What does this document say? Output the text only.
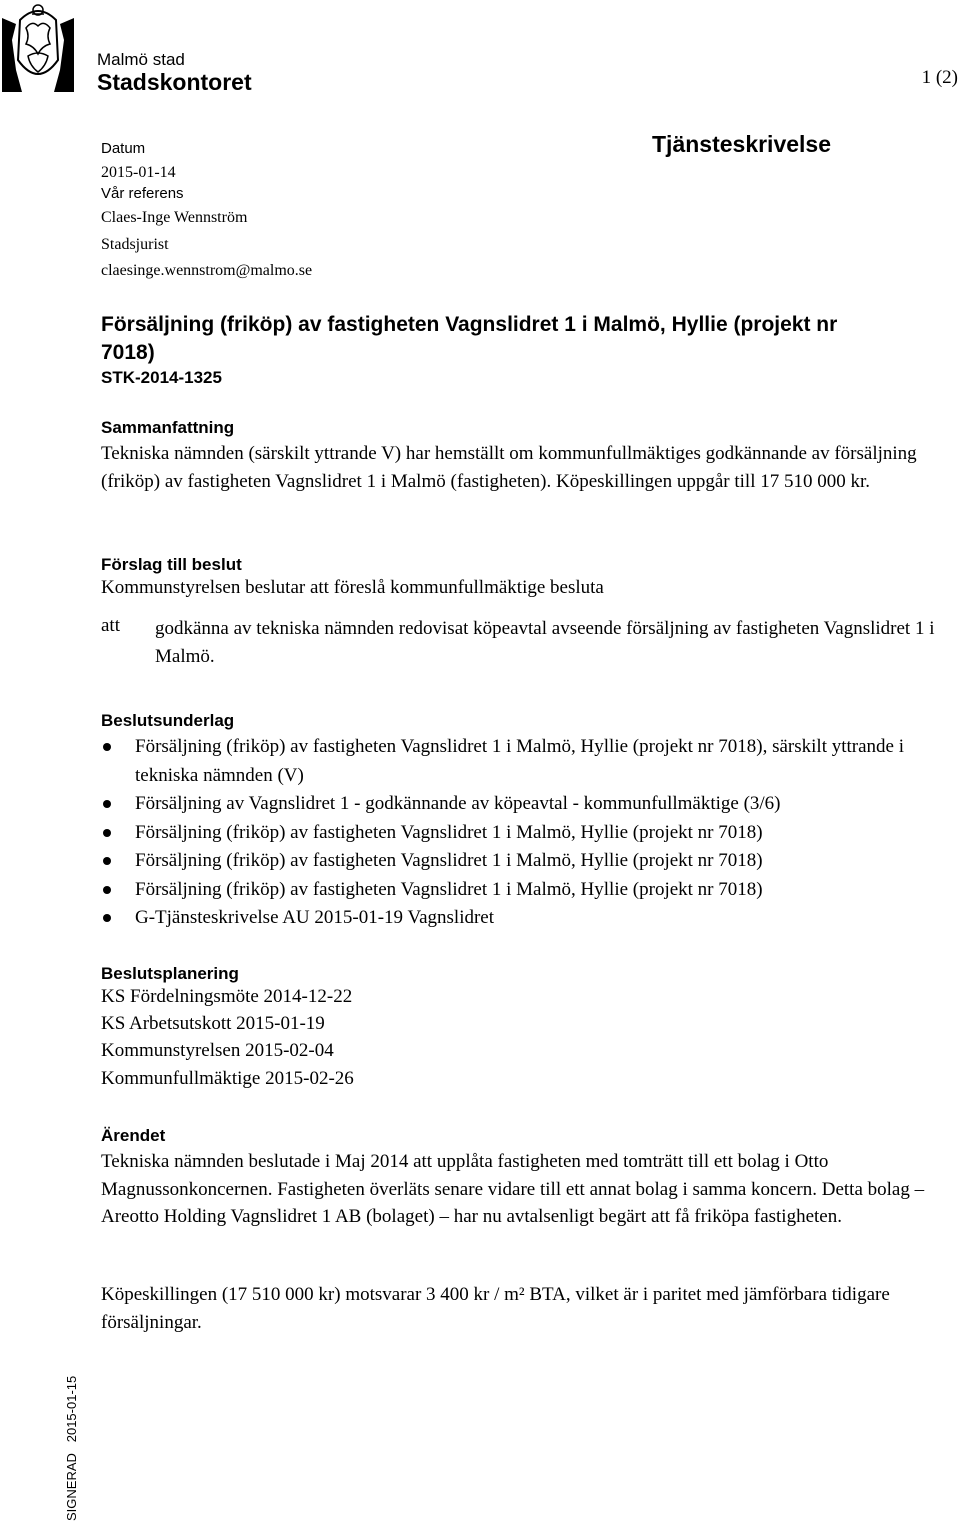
Malmö stad
Stadskontoret	1 (2)
Datum
2015-01-14
Vår referens
Claes-Inge Wennström
Stadsjurist
claesinge.wennstrom@malmo.se
Tjänsteskrivelse
Försäljning (friköp) av fastigheten Vagnslidret 1 i Malmö, Hyllie (projekt nr 7018)
STK-2014-1325
Sammanfattning
Tekniska nämnden (särskilt yttrande V) har hemställt om kommunfullmäktiges godkännande av försäljning (friköp) av fastigheten Vagnslidret 1 i Malmö (fastigheten). Köpeskillingen uppgår till 17 510 000 kr.
Förslag till beslut
Kommunstyrelsen beslutar att föreslå kommunfullmäktige besluta
att godkänna av tekniska nämnden redovisat köpeavtal avseende försäljning av fastigheten Vagnslidret 1 i Malmö.
Beslutsunderlag
Försäljning (friköp) av fastigheten Vagnslidret 1 i Malmö, Hyllie (projekt nr 7018), särskilt yttrande i tekniska nämnden (V)
Försäljning av Vagnslidret 1 - godkännande av köpeavtal - kommunfullmäktige (3/6)
Försäljning (friköp) av fastigheten Vagnslidret 1 i Malmö, Hyllie (projekt nr 7018)
Försäljning (friköp) av fastigheten Vagnslidret 1 i Malmö, Hyllie (projekt nr 7018)
Försäljning (friköp) av fastigheten Vagnslidret 1 i Malmö, Hyllie (projekt nr 7018)
G-Tjänsteskrivelse AU 2015-01-19 Vagnslidret
Beslutsplanering
KS Fördelningsmöte 2014-12-22
KS Arbetsutskott 2015-01-19
Kommunstyrelsen 2015-02-04
Kommunfullmäktige 2015-02-26
Ärendet
Tekniska nämnden beslutade i Maj 2014 att upplåta fastigheten med tomträtt till ett bolag i Otto Magnussonkoncernen. Fastigheten överläts senare vidare till ett annat bolag i samma koncern. Detta bolag – Areotto Holding Vagnslidret 1 AB (bolaget) – har nu avtalsenligt begärt att få friköpa fastigheten.
Köpeskillingen (17 510 000 kr) motsvarar 3 400 kr / m² BTA, vilket är i paritet med jämförbara tidigare försäljningar.
SIGNERAD   2015-01-15
